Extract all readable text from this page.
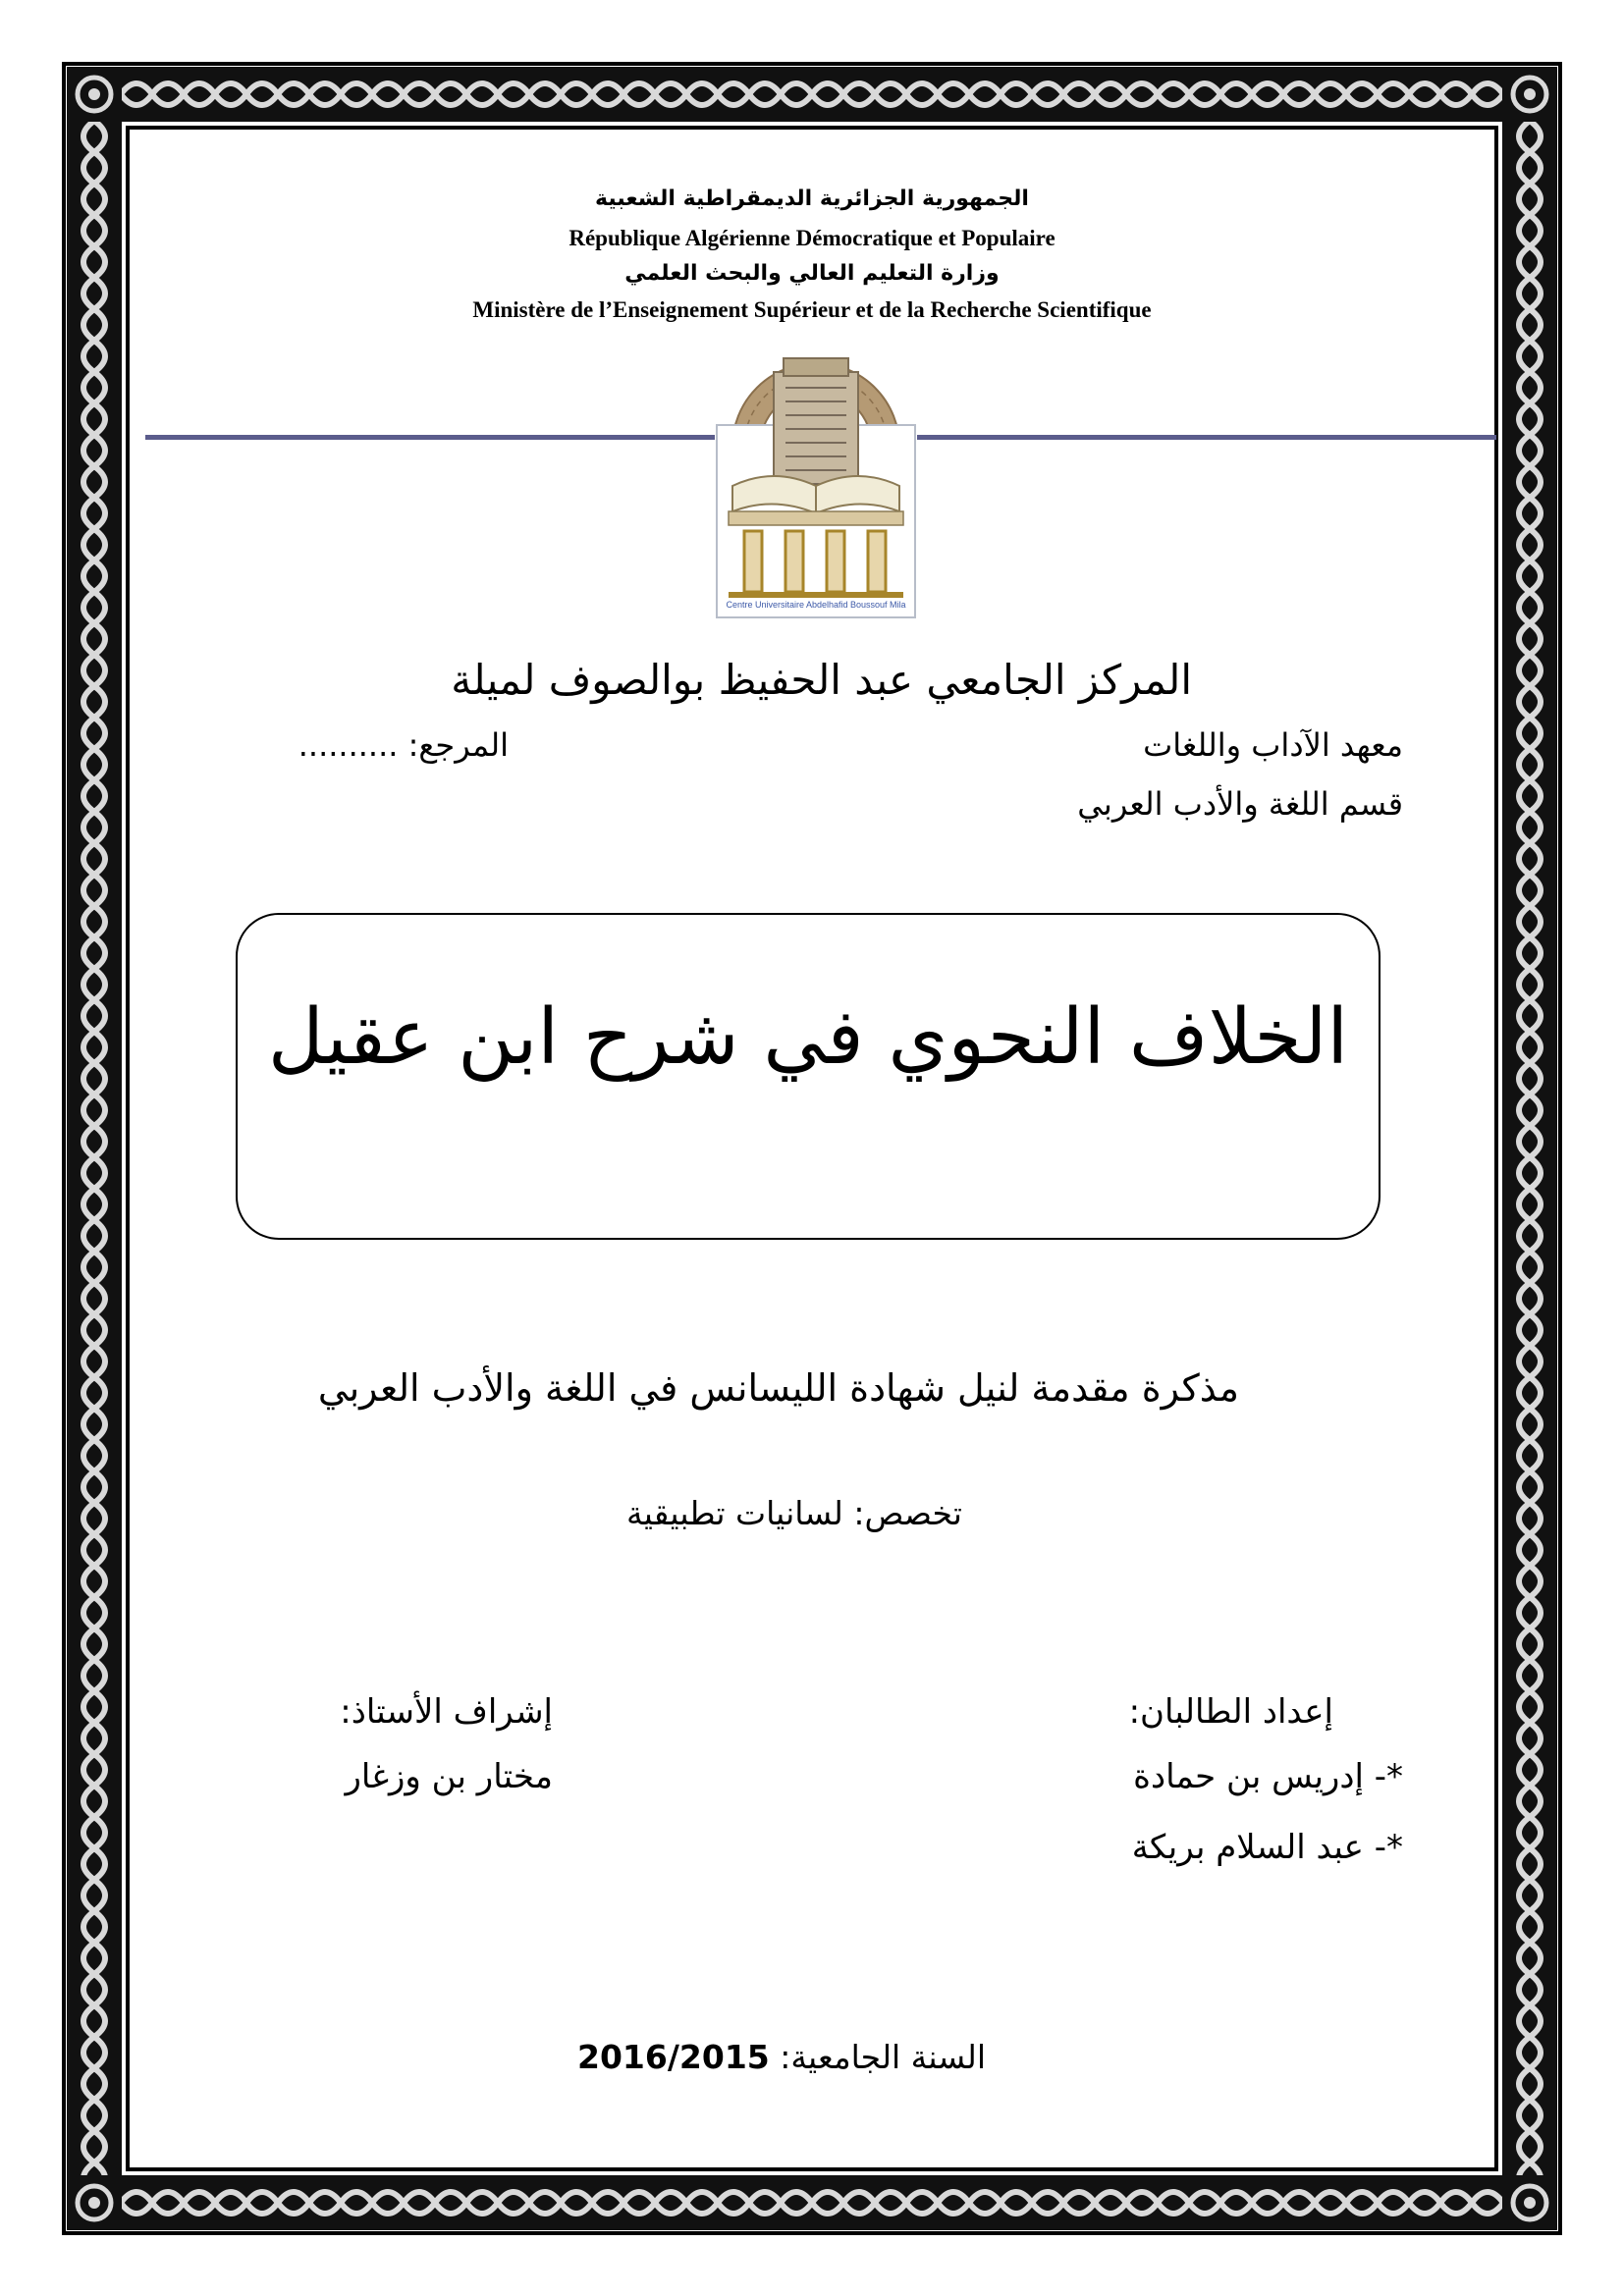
الجمهورية الجزائرية الديمقراطية الشعبية
République Algérienne Démocratique et Populaire
وزارة التعليم العالي والبحث العلمي
Ministère de l’Enseignement Supérieur et de la Recherche Scientifique
Centre Universitaire Abdelhafid Boussouf Mila
المركز الجامعي عبد الحفيظ بوالصوف لميلة
معهد الآداب واللغات
المرجع: ..........
قسم اللغة والأدب العربي
الخلاف النحوي في شرح ابن عقيل
مذكرة مقدمة لنيل شهادة الليسانس في اللغة والأدب العربي
تخصص: لسانيات تطبيقية
إعداد الطالبان:
*- إدريس بن حمادة
*- عبد السلام بريكة
إشراف الأستاذ:
مختار بن وزغار
السنة الجامعية: 2016/2015
